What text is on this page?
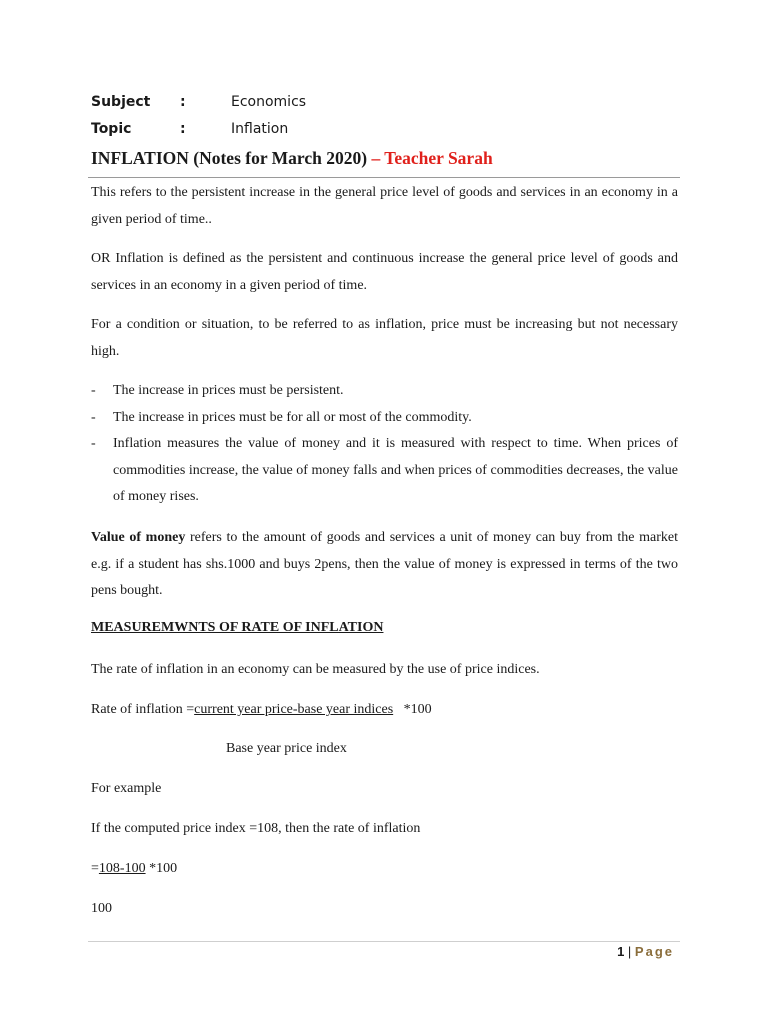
Subject :	Economics
Topic	:	Inflation
INFLATION (Notes for March 2020) – Teacher Sarah

This refers to the persistent increase in the general price level of goods and services in an economy in a given period of time..

OR Inflation is defined as the persistent and continuous increase the general price level of goods and services in an economy in a given period of time.

For a condition or situation, to be referred to as inflation, price must be increasing but not necessary high.

- The increase in prices must be persistent.
- The increase in prices must be for all or most of the commodity.
- Inflation measures the value of money and it is measured with respect to time. When prices of commodities increase, the value of money falls and when prices of commodities decreases, the value of money rises.

Value of money refers to the amount of goods and services a unit of money can buy from the market e.g. if a student has shs.1000 and buys 2pens, then the value of money is expressed in terms of the two pens bought.

MEASUREMWNTS OF RATE OF INFLATION
The rate of inflation in an economy can be measured by the use of price indices.
Rate of inflation =current year price-base year indices   *100
Base year price index
For example
If the computed price index =108, then the rate of inflation
=108-100 *100
100
1 | Page
